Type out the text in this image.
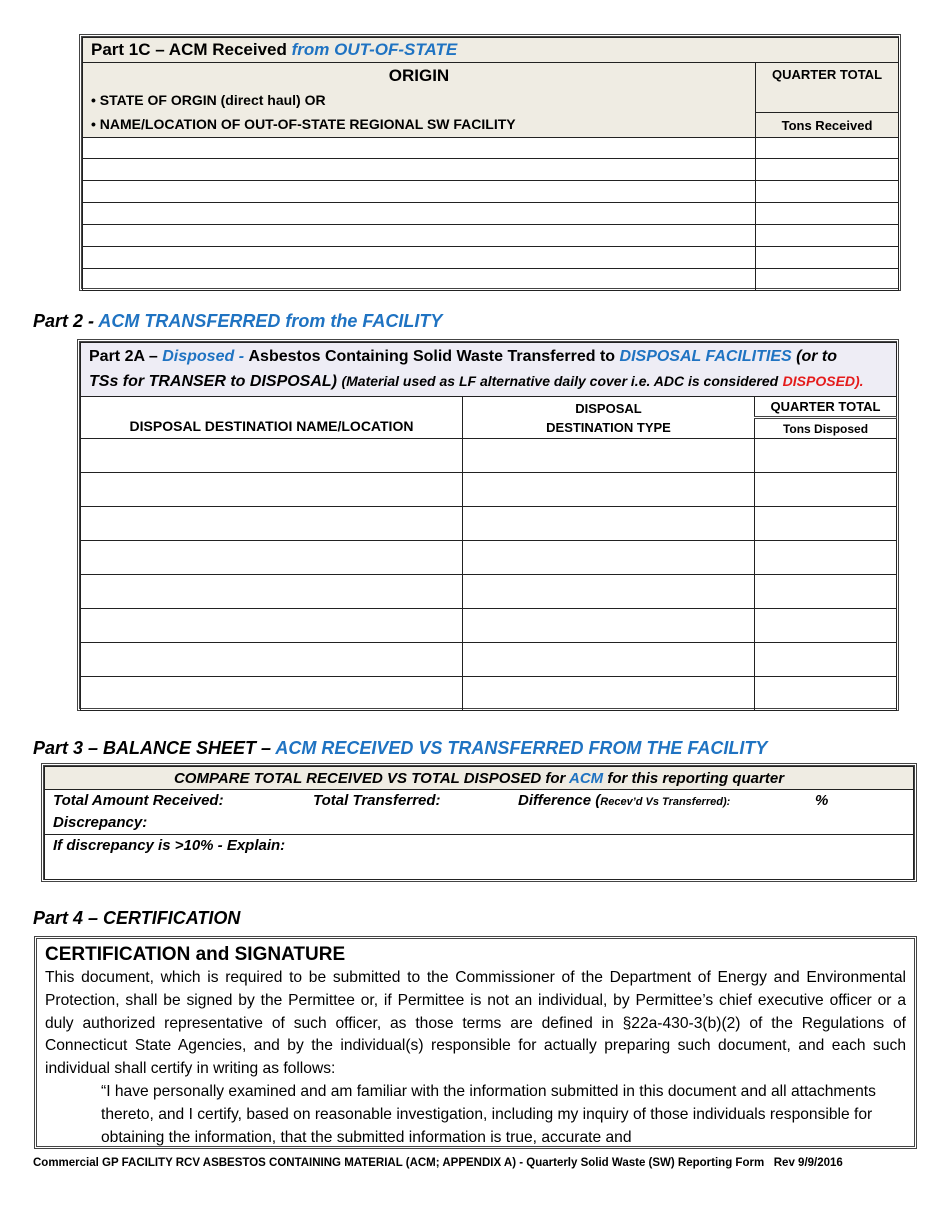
Part 1C – ACM Received from OUT-OF-STATE	

ORIGIN
• STATE OF ORGIN (direct haul) OR
• NAME/LOCATION OF OUT-OF-STATE REGIONAL SW FACILITY	QUARTER TOTAL
	Tons Received

Part 2 - ACM TRANSFERRED from the FACILITY
Part 2A – Disposed - Asbestos Containing Solid Waste Transferred to DISPOSAL FACILITIES (or to
TSs for TRANSER to DISPOSAL) (Material used as LF alternative daily cover i.e. ADC is considered DISPOSED).		
DISPOSAL DESTINATIOI NAME/LOCATION	DISPOSAL
DESTINATION TYPE	QUARTER TOTAL
		Tons Disposed

Part 3 – BALANCE SHEET – ACM RECEIVED VS TRANSFERRED FROM THE FACILITY
COMPARE TOTAL RECEIVED VS TOTAL DISPOSED for ACM for this reporting quarter

Total Amount Received:	Total Transferred:	Difference (Recev’d Vs Transferred):	%
Discrepancy:

If discrepancy is >10% - Explain:
Part 4 – CERTIFICATION
CERTIFICATION and SIGNATURE
This document, which is required to be submitted to the Commissioner of the Department of Energy and Environmental Protection, shall be signed by the Permittee or, if Permittee is not an individual, by Permittee’s chief executive officer or a duly authorized representative of such officer, as those terms are defined in §22a-430-3(b)(2) of the Regulations of Connecticut State Agencies, and by the individual(s) responsible for actually preparing such document, and each such individual shall certify in writing as follows:
“I have personally examined and am familiar with the information submitted in this document and all attachments thereto, and I certify, based on reasonable investigation, including my inquiry of those individuals responsible for obtaining the information, that the submitted information is true, accurate and
Commercial GP FACILITY RCV ASBESTOS CONTAINING MATERIAL (ACM; APPENDIX A) - Quarterly Solid Waste (SW) Reporting Form   Rev 9/9/2016
